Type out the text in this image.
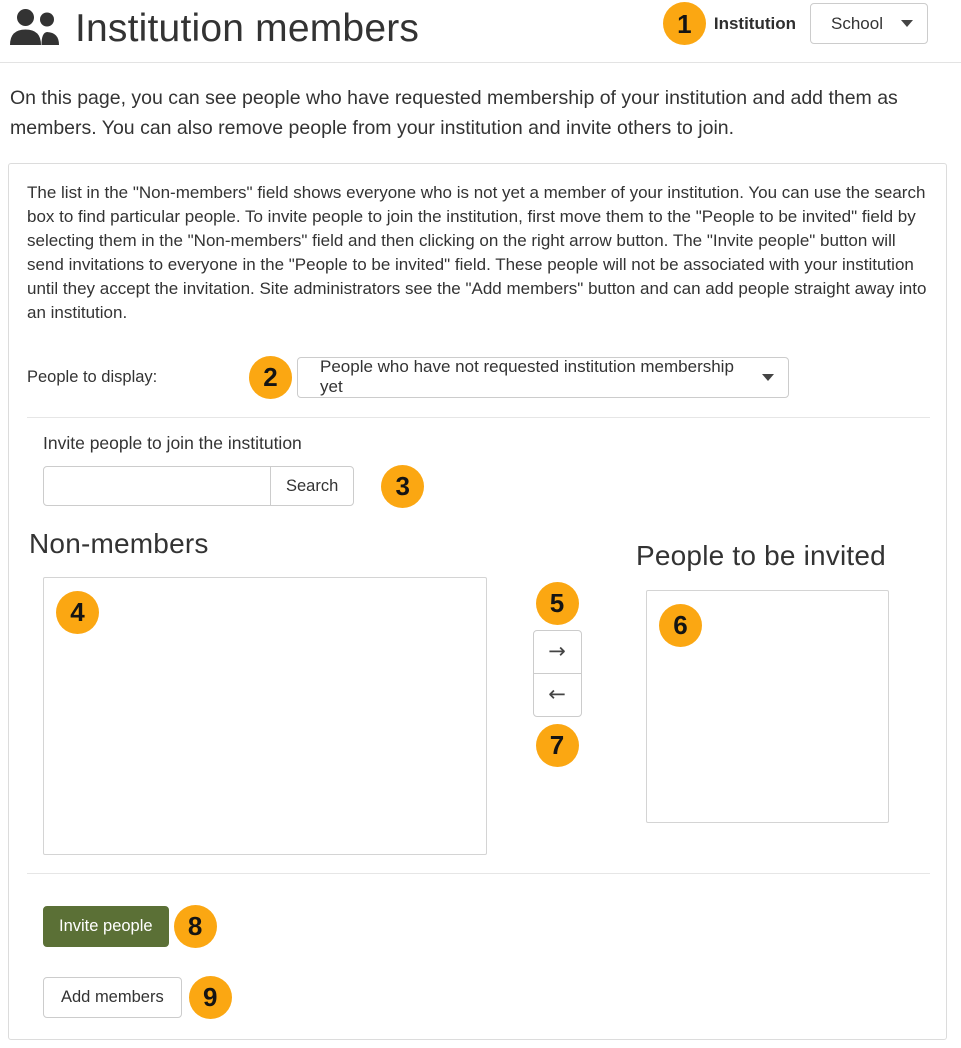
Institution members	1	Institution School

On this page, you can see people who have requested membership of your institution and add them as members. You can also remove people from your institution and invite others to join.

The list in the "Non-members" field shows everyone who is not yet a member of your institution. You can use the search box to find particular people. To invite people to join the institution, first move them to the "People to be invited" field by selecting them in the "Non-members" field and then clicking on the right arrow button. The "Invite people" button will send invitations to everyone in the "People to be invited" field. These people will not be associated with your institution until they accept the invitation. Site administrators see the "Add members" button and can add people straight away into an institution.

People to display:	2	People who have not requested institution membership yet
Invite people to join the institution
Search	3
Non-members
4	5
→
←
7
People to be invited
6
Invite people	8
Add members	9
